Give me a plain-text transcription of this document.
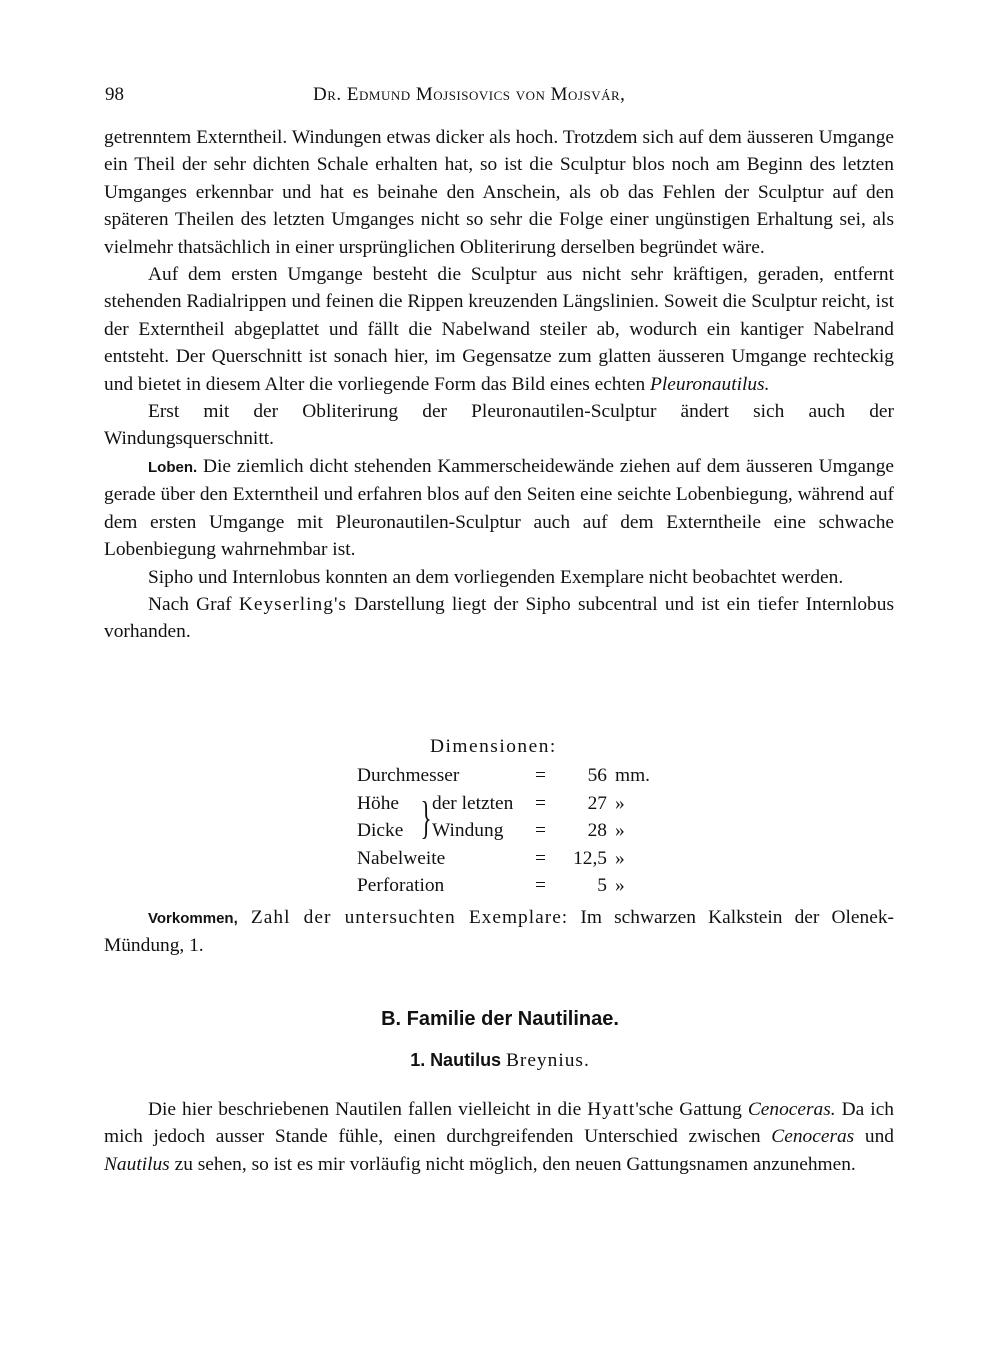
98	Dr. Edmund Mojsisovics von Mojsvár,

getrenntem Externtheil. Windungen etwas dicker als hoch. Trotzdem sich auf dem äusseren Umgange ein Theil der sehr dichten Schale erhalten hat, so ist die Sculptur blos noch am Beginn des letzten Umganges erkennbar und hat es beinahe den Anschein, als ob das Fehlen der Sculptur auf den späteren Theilen des letzten Umganges nicht so sehr die Folge einer ungünstigen Erhaltung sei, als vielmehr thatsächlich in einer ursprünglichen Obliterirung derselben begründet wäre.

Auf dem ersten Umgange besteht die Sculptur aus nicht sehr kräftigen, geraden, entfernt stehenden Radialrippen und feinen die Rippen kreuzenden Längslinien. Soweit die Sculptur reicht, ist der Externtheil abgeplattet und fällt die Nabelwand steiler ab, wodurch ein kantiger Nabelrand entsteht. Der Querschnitt ist sonach hier, im Gegensatze zum glatten äusseren Umgange rechteckig und bietet in diesem Alter die vorliegende Form das Bild eines echten Pleuronautilus.

Erst mit der Obliterirung der Pleuronautilen-Sculptur ändert sich auch der Windungsquerschnitt.

Loben. Die ziemlich dicht stehenden Kammerscheidewände ziehen auf dem äusseren Umgange gerade über den Externtheil und erfahren blos auf den Seiten eine seichte Lobenbiegung, während auf dem ersten Umgange mit Pleuronautilen-Sculptur auch auf dem Externtheile eine schwache Lobenbiegung wahrnehmbar ist.

Sipho und Internlobus konnten an dem vorliegenden Exemplare nicht beobachtet werden.

Nach Graf Keyserling's Darstellung liegt der Sipho subcentral und ist ein tiefer Internlobus vorhanden.

Dimensionen:
Durchmesser	=	56 mm.
Höhe } der letzten =	27 »
Dicke Windung =	28 »
Nabelweite	=	12,5 »
Perforation	=	5 »

Vorkommen, Zahl der untersuchten Exemplare: Im schwarzen Kalkstein der Olenek-Mündung, 1.

B. Familie der Nautilinae.
1. Nautilus Breynius.

Die hier beschriebenen Nautilen fallen vielleicht in die Hyatt'sche Gattung Cenoceras. Da ich mich jedoch ausser Stande fühle, einen durchgreifenden Unterschied zwischen Cenoceras und Nautilus zu sehen, so ist es mir vorläufig nicht möglich, den neuen Gattungsnamen anzunehmen.
